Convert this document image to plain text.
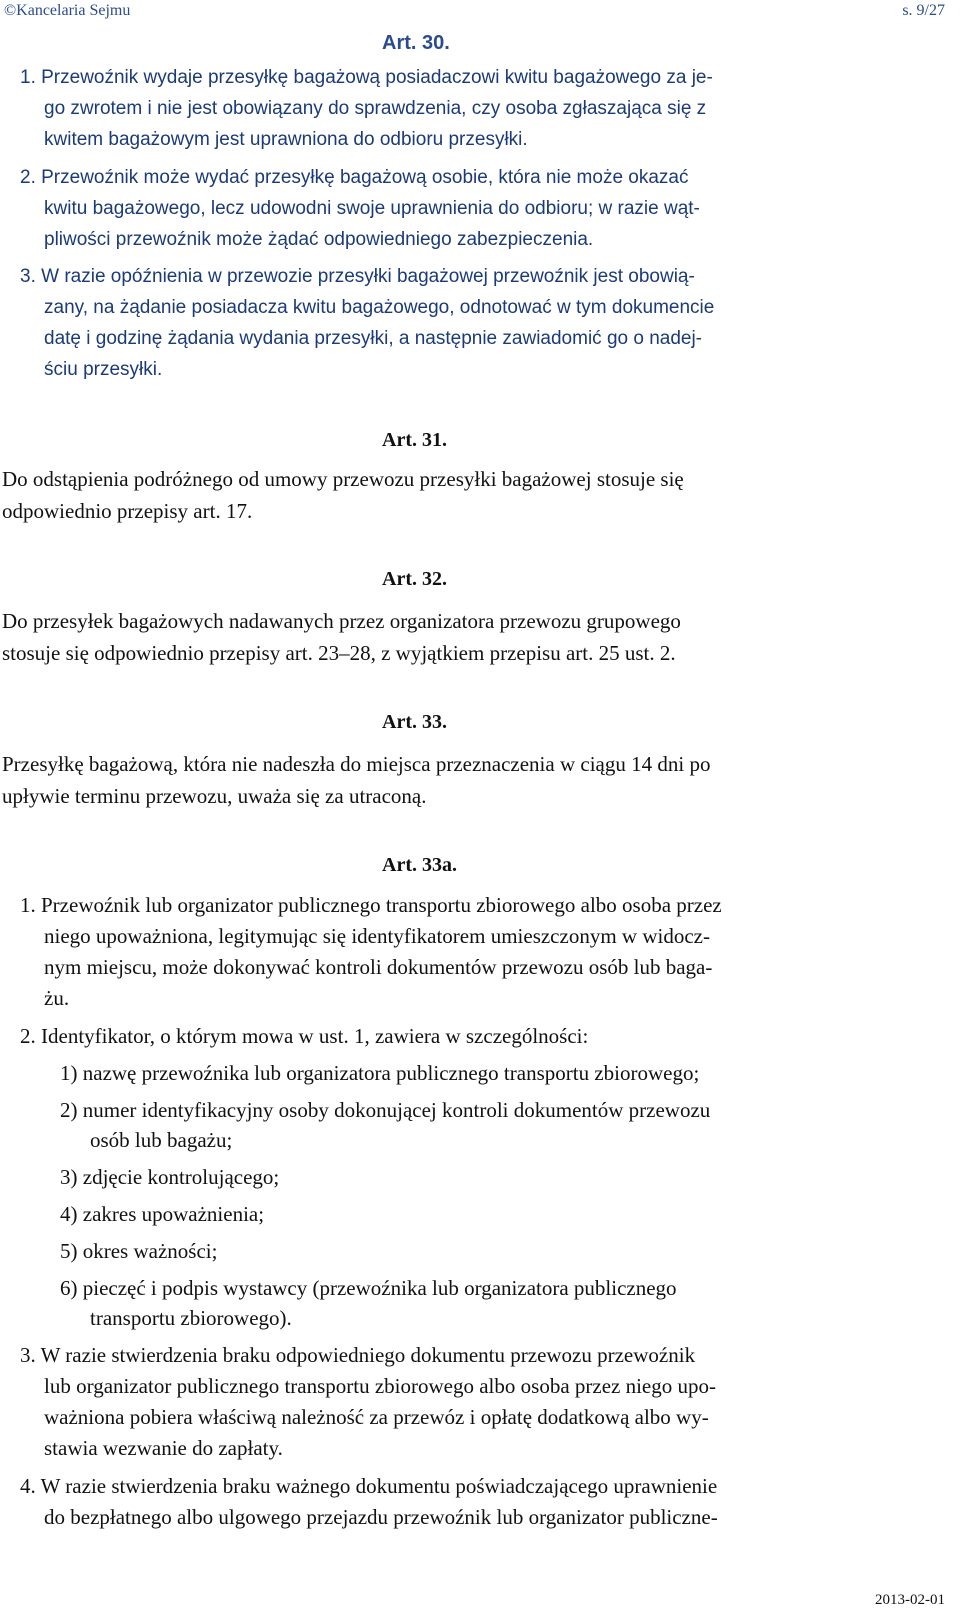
©Kancelaria Sejmu	s. 9/27
Art. 30.
1. Przewoźnik wydaje przesyłkę bagażową posiadaczowi kwitu bagażowego za je-
go zwrotem i nie jest obowiązany do sprawdzenia, czy osoba zgłaszająca się z
kwitem bagażowym jest uprawniona do odbioru przesyłki.
2. Przewoźnik może wydać przesyłkę bagażową osobie, która nie może okazać
kwitu bagażowego, lecz udowodni swoje uprawnienia do odbioru; w razie wąt-
pliwości przewoźnik może żądać odpowiedniego zabezpieczenia.
3. W razie opóźnienia w przewozie przesyłki bagażowej przewoźnik jest obowią-
zany, na żądanie posiadacza kwitu bagażowego, odnotować w tym dokumencie
datę i godzinę żądania wydania przesyłki, a następnie zawiadomić go o nadej-
ściu przesyłki.
Art. 31.
Do odstąpienia podróżnego od umowy przewozu przesyłki bagażowej stosuje się
odpowiednio przepisy art. 17.
Art. 32.
Do przesyłek bagażowych nadawanych przez organizatora przewozu grupowego
stosuje się odpowiednio przepisy art. 23–28, z wyjątkiem przepisu art. 25 ust. 2.
Art. 33.
Przesyłkę bagażową, która nie nadeszła do miejsca przeznaczenia w ciągu 14 dni po
upływie terminu przewozu, uważa się za utraconą.
Art. 33a.
1. Przewoźnik lub organizator publicznego transportu zbiorowego albo osoba przez
niego upoważniona, legitymując się identyfikatorem umieszczonym w widocz-
nym miejscu, może dokonywać kontroli dokumentów przewozu osób lub baga-
żu.
2. Identyfikator, o którym mowa w ust. 1, zawiera w szczególności:
1) nazwę przewoźnika lub organizatora publicznego transportu zbiorowego;
2) numer identyfikacyjny osoby dokonującej kontroli dokumentów przewozu
osób lub bagażu;
3) zdjęcie kontrolującego;
4) zakres upoważnienia;
5) okres ważności;
6) pieczęć i podpis wystawcy (przewoźnika lub organizatora publicznego
transportu zbiorowego).
3. W razie stwierdzenia braku odpowiedniego dokumentu przewozu przewoźnik
lub organizator publicznego transportu zbiorowego albo osoba przez niego upo-
ważniona pobiera właściwą należność za przewóz i opłatę dodatkową albo wy-
stawia wezwanie do zapłaty.
4. W razie stwierdzenia braku ważnego dokumentu poświadczającego uprawnienie
do bezpłatnego albo ulgowego przejazdu przewoźnik lub organizator publiczne-
2013-02-01
